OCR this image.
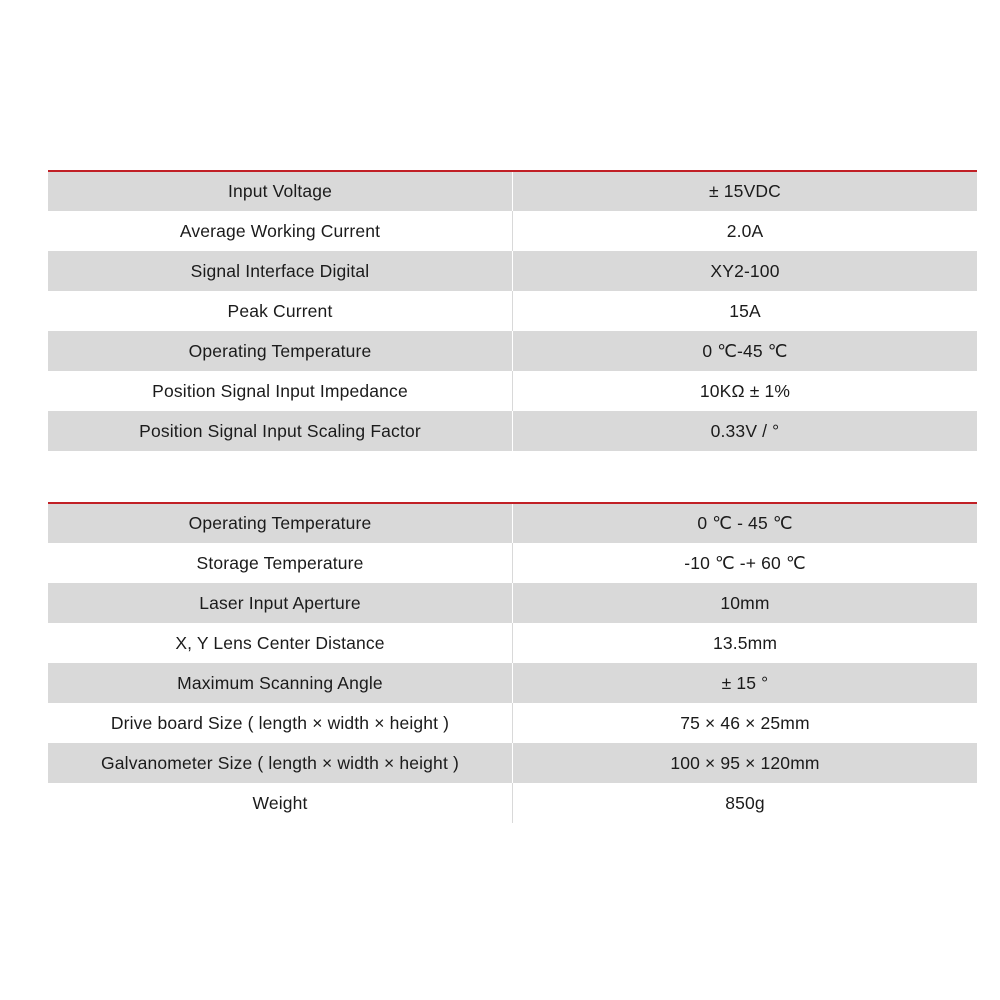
Input Voltage	± 15VDC
Average Working Current	2.0A
Signal Interface Digital	XY2-100
Peak Current	15A
Operating Temperature	0 ℃-45 ℃
Position Signal Input Impedance	10KΩ ± 1%
Position Signal Input Scaling Factor	0.33V / °
Operating Temperature	0 ℃ - 45 ℃
Storage Temperature	-10 ℃ -+ 60 ℃
Laser Input Aperture	10mm
X, Y Lens Center Distance	13.5mm
Maximum Scanning Angle	± 15 °
Drive board Size ( length × width × height )	75 × 46 × 25mm
Galvanometer Size ( length × width × height )	100 × 95 × 120mm
Weight	850g
